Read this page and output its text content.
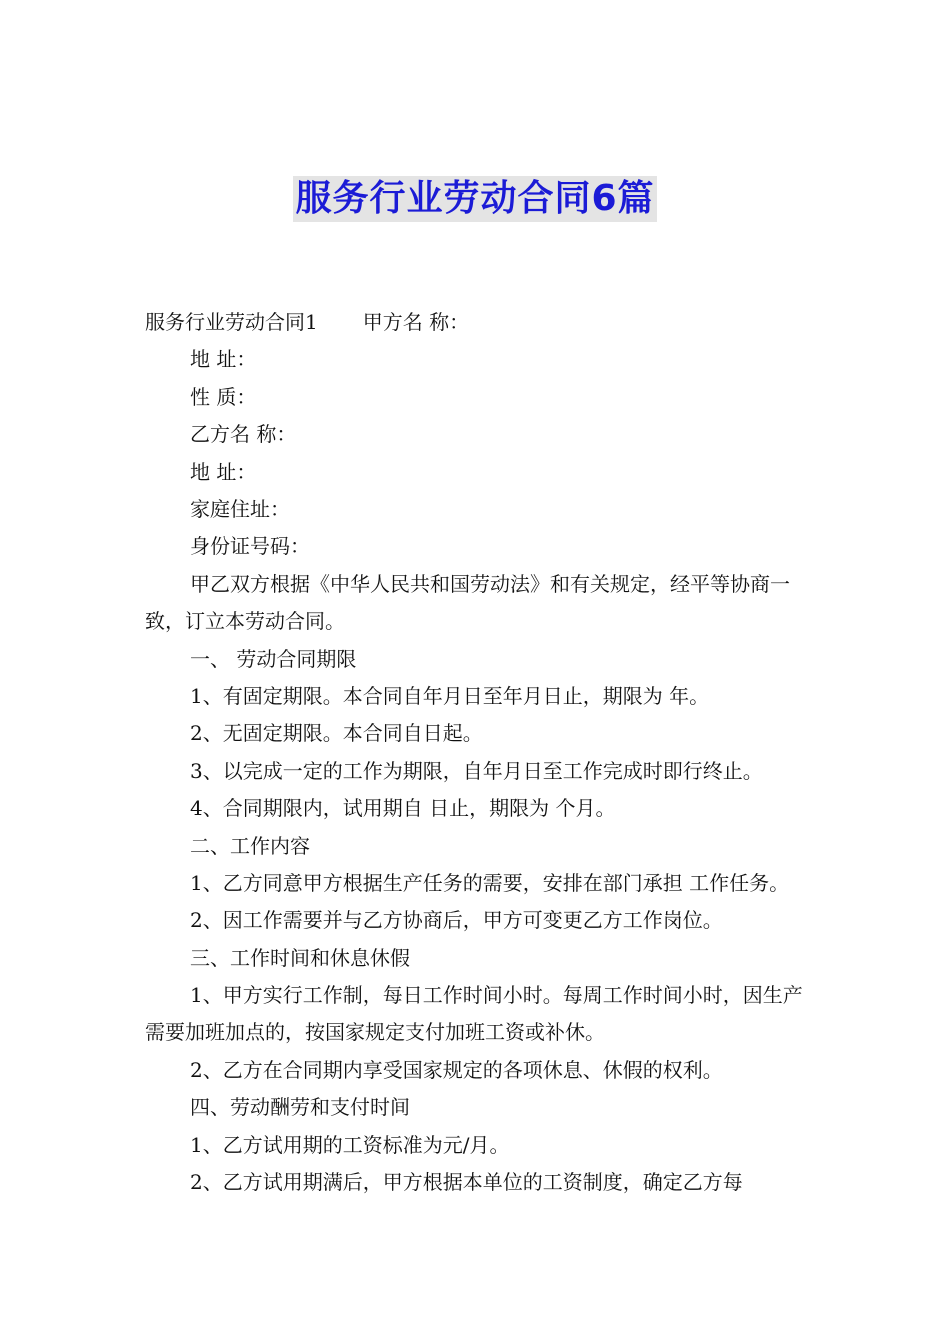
服务行业劳动合同6篇
服务行业劳动合同1 甲方名 称：
地 址：
性 质：
乙方名 称：
地 址：
家庭住址：
身份证号码：
甲乙双方根据《中华人民共和国劳动法》和有关规定，经平等协商一致，订立本劳动合同。
一、 劳动合同期限
1、有固定期限。本合同自年月日至年月日止，期限为 年。
2、无固定期限。本合同自日起。
3、以完成一定的工作为期限，自年月日至工作完成时即行终止。
4、合同期限内，试用期自 日止，期限为 个月。
二、工作内容
1、乙方同意甲方根据生产任务的需要，安排在部门承担 工作任务。
2、因工作需要并与乙方协商后，甲方可变更乙方工作岗位。
三、工作时间和休息休假
1、甲方实行工作制，每日工作时间小时。每周工作时间小时，因生产需要加班加点的，按国家规定支付加班工资或补休。
2、乙方在合同期内享受国家规定的各项休息、休假的权利。
四、劳动酬劳和支付时间
1、乙方试用期的工资标准为元/月。
2、乙方试用期满后，甲方根据本单位的工资制度，确定乙方每
